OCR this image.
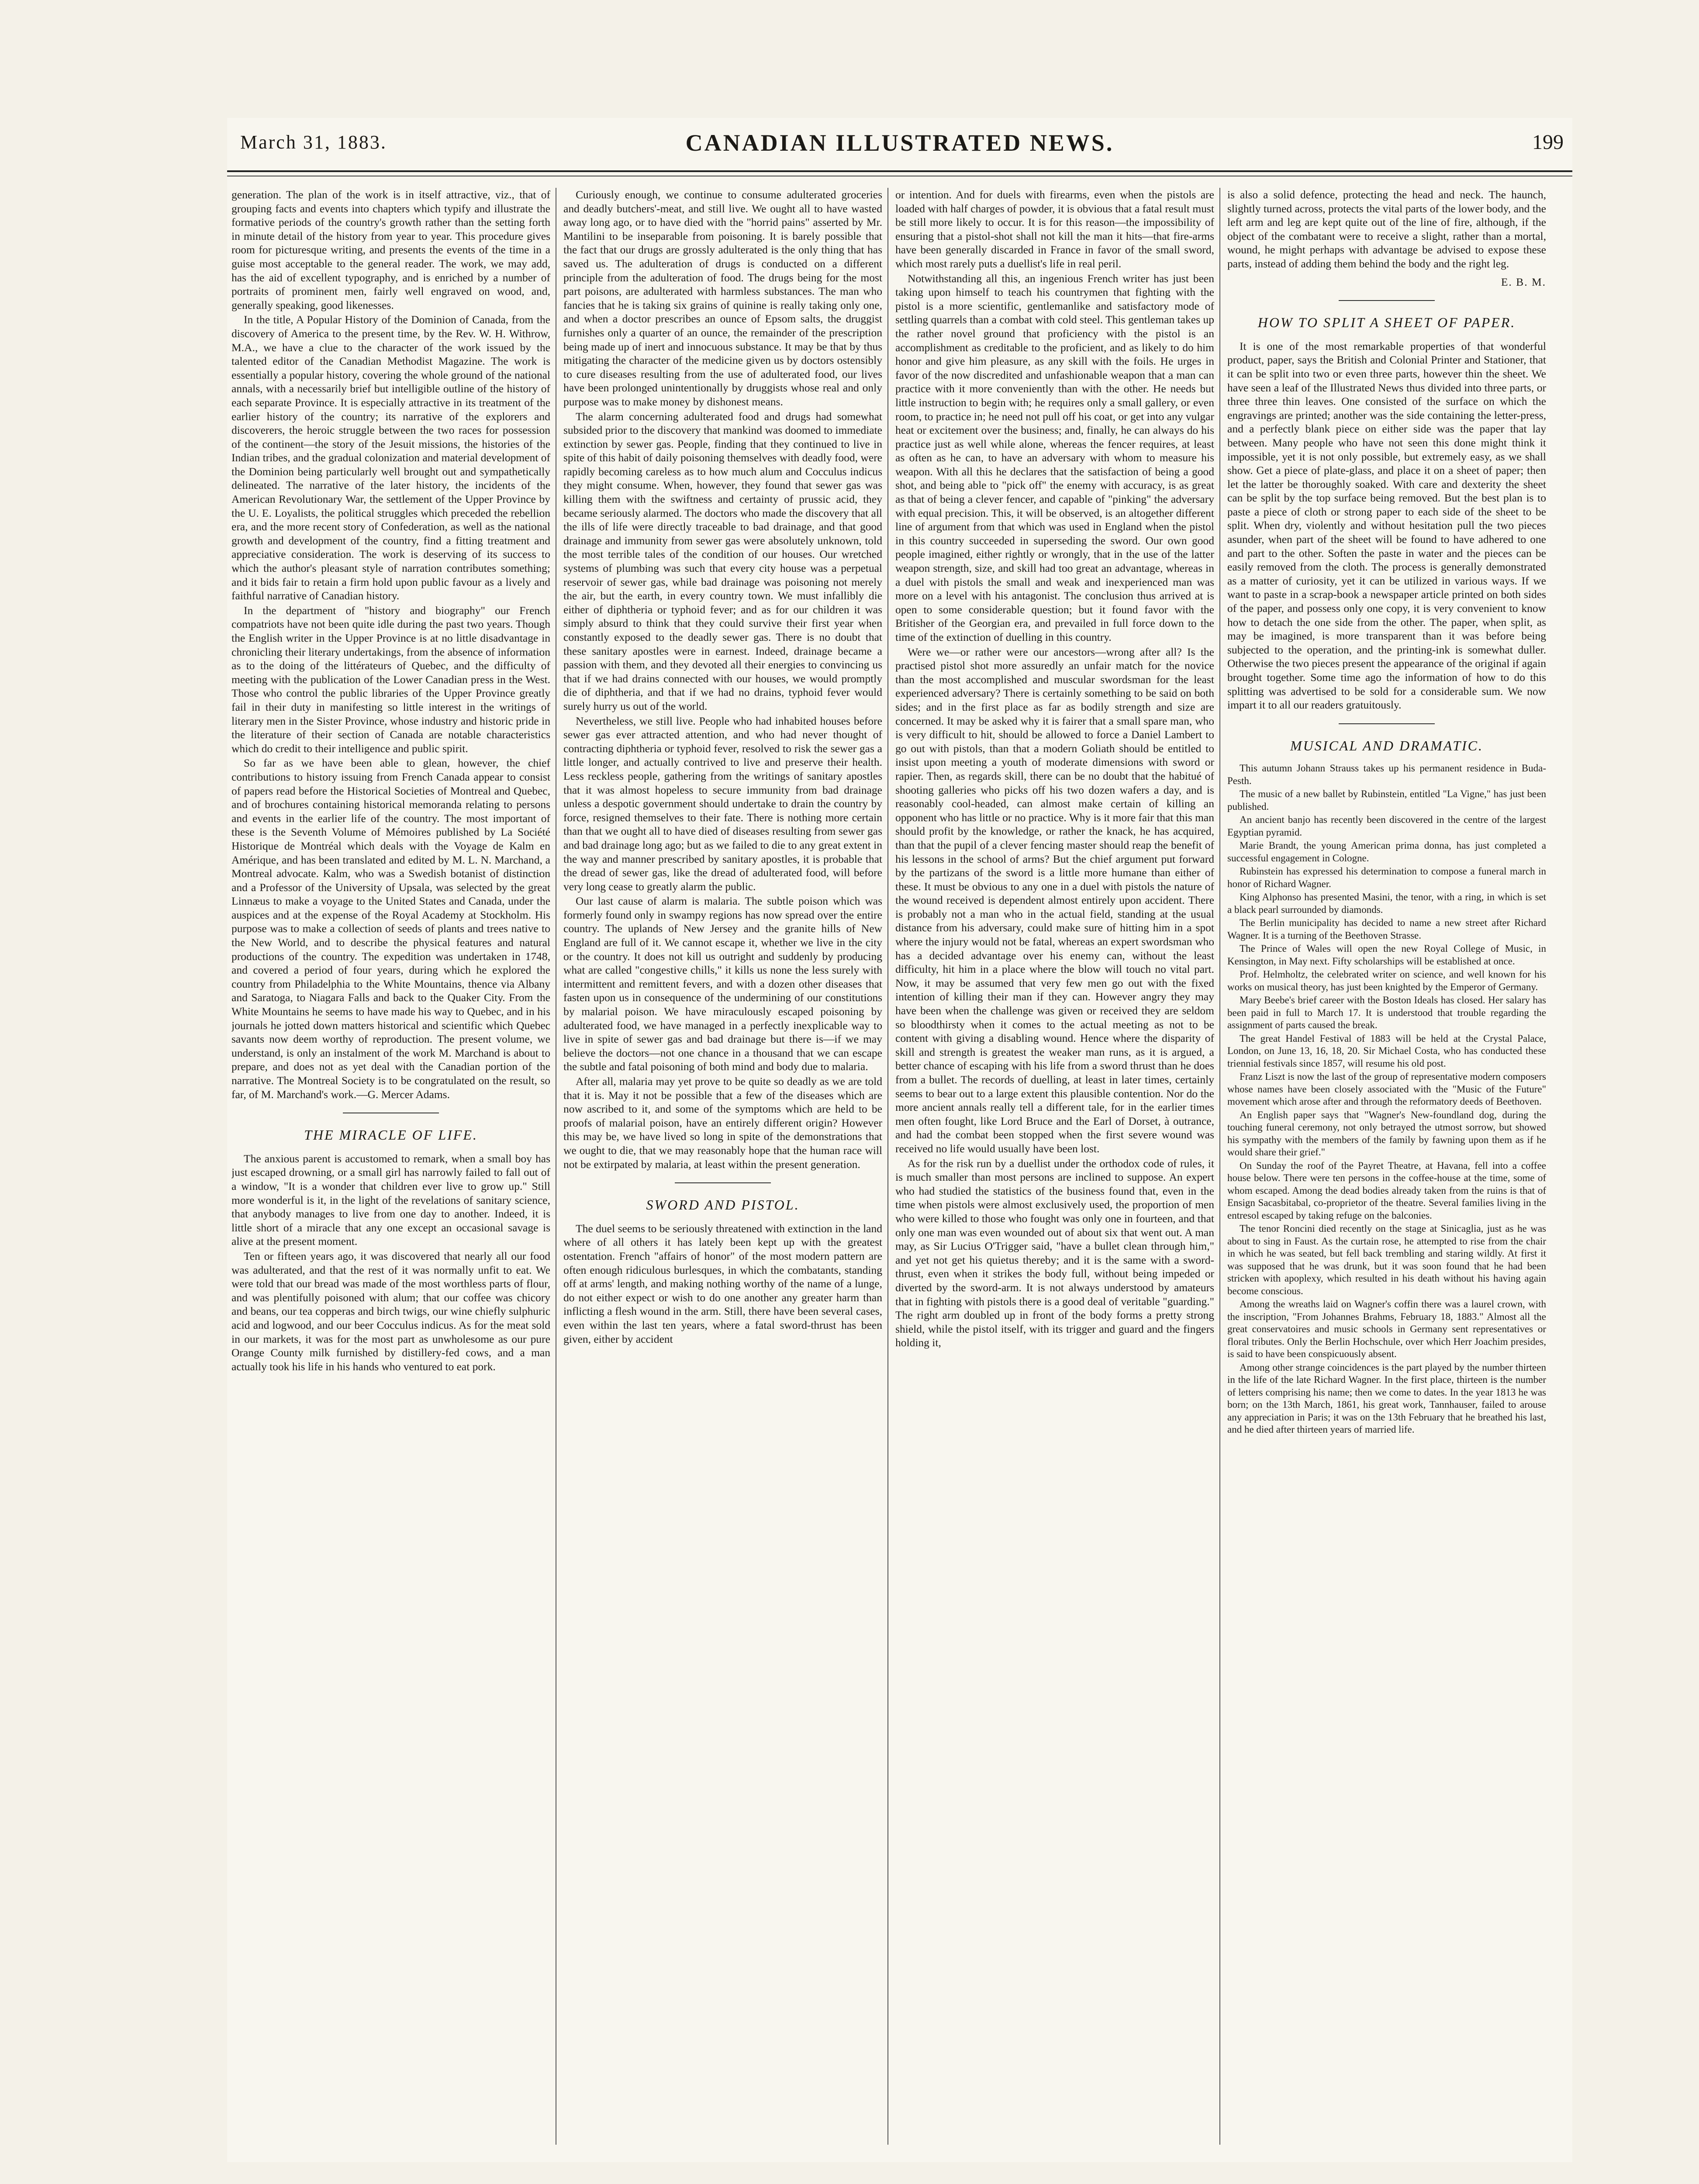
March 31, 1883.	CANADIAN ILLUSTRATED NEWS.	199

generation. The plan of the work is in itself attractive, viz., that of grouping facts and events into chapters which typify and illustrate the formative periods of the country's growth rather than the setting forth in minute detail of the history from year to year. This procedure gives room for picturesque writing, and presents the events of the time in a guise most acceptable to the general reader. The work, we may add, has the aid of excellent typography, and is enriched by a number of portraits of prominent men, fairly well engraved on wood, and, generally speaking, good likenesses.

In the title, A Popular History of the Dominion of Canada, from the discovery of America to the present time, by the Rev. W. H. Withrow, M.A., we have a clue to the character of the work issued by the talented editor of the Canadian Methodist Magazine. The work is essentially a popular history, covering the whole ground of the national annals, with a necessarily brief but intelligible outline of the history of each separate Province. It is especially attractive in its treatment of the earlier history of the country; its narrative of the explorers and discoverers, the heroic struggle between the two races for possession of the continent—the story of the Jesuit missions, the histories of the Indian tribes, and the gradual colonization and material development of the Dominion being particularly well brought out and sympathetically delineated. The narrative of the later history, the incidents of the American Revolutionary War, the settlement of the Upper Province by the U. E. Loyalists, the political struggles which preceded the rebellion era, and the more recent story of Confederation, as well as the national growth and development of the country, find a fitting treatment and appreciative consideration. The work is deserving of its success to which the author's pleasant style of narration contributes something; and it bids fair to retain a firm hold upon public favour as a lively and faithful narrative of Canadian history.

In the department of "history and biography" our French compatriots have not been quite idle during the past two years. Though the English writer in the Upper Province is at no little disadvantage in chronicling their literary undertakings, from the absence of information as to the doing of the littérateurs of Quebec, and the difficulty of meeting with the publication of the Lower Canadian press in the West. Those who control the public libraries of the Upper Province greatly fail in their duty in manifesting so little interest in the writings of literary men in the Sister Province, whose industry and historic pride in the literature of their section of Canada are notable characteristics which do credit to their intelligence and public spirit.

So far as we have been able to glean, however, the chief contributions to history issuing from French Canada appear to consist of papers read before the Historical Societies of Montreal and Quebec, and of brochures containing historical memoranda relating to persons and events in the earlier life of the country. The most important of these is the Seventh Volume of Mémoires published by La Société Historique de Montréal which deals with the Voyage de Kalm en Amérique, and has been translated and edited by M. L. N. Marchand, a Montreal advocate. Kalm, who was a Swedish botanist of distinction and a Professor of the University of Upsala, was selected by the great Linnæus to make a voyage to the United States and Canada, under the auspices and at the expense of the Royal Academy at Stockholm. His purpose was to make a collection of seeds of plants and trees native to the New World, and to describe the physical features and natural productions of the country. The expedition was undertaken in 1748, and covered a period of four years, during which he explored the country from Philadelphia to the White Mountains, thence via Albany and Saratoga, to Niagara Falls and back to the Quaker City. From the White Mountains he seems to have made his way to Quebec, and in his journals he jotted down matters historical and scientific which Quebec savants now deem worthy of reproduction. The present volume, we understand, is only an instalment of the work M. Marchand is about to prepare, and does not as yet deal with the Canadian portion of the narrative. The Montreal Society is to be congratulated on the result, so far, of M. Marchand's work.—G. Mercer Adams.

THE MIRACLE OF LIFE.

The anxious parent is accustomed to remark, when a small boy has just escaped drowning, or a small girl has narrowly failed to fall out of a window, "It is a wonder that children ever live to grow up." Still more wonderful is it, in the light of the revelations of sanitary science, that anybody manages to live from one day to another. Indeed, it is little short of a miracle that any one except an occasional savage is alive at the present moment.

Ten or fifteen years ago, it was discovered that nearly all our food was adulterated, and that the rest of it was normally unfit to eat. We were told that our bread was made of the most worthless parts of flour, and was plentifully poisoned with alum; that our coffee was chicory and beans, our tea copperas and birch twigs, our wine chiefly sulphuric acid and logwood, and our beer Cocculus indicus. As for the meat sold in our markets, it was for the most part as unwholesome as our pure Orange County milk furnished by distillery-fed cows, and a man actually took his life in his hands who ventured to eat pork.

Curiously enough, we continue to consume adulterated groceries and deadly butchers'-meat, and still live. We ought all to have wasted away long ago, or to have died with the "horrid pains" asserted by Mr. Mantilini to be inseparable from poisoning. It is barely possible that the fact that our drugs are grossly adulterated is the only thing that has saved us. The adulteration of drugs is conducted on a different principle from the adulteration of food. The drugs being for the most part poisons, are adulterated with harmless substances. The man who fancies that he is taking six grains of quinine is really taking only one, and when a doctor prescribes an ounce of Epsom salts, the druggist furnishes only a quarter of an ounce, the remainder of the prescription being made up of inert and innocuous substance. It may be that by thus mitigating the character of the medicine given us by doctors ostensibly to cure diseases resulting from the use of adulterated food, our lives have been prolonged unintentionally by druggists whose real and only purpose was to make money by dishonest means.

The alarm concerning adulterated food and drugs had somewhat subsided prior to the discovery that mankind was doomed to immediate extinction by sewer gas. People, finding that they continued to live in spite of this habit of daily poisoning themselves with deadly food, were rapidly becoming careless as to how much alum and Cocculus indicus they might consume. When, however, they found that sewer gas was killing them with the swiftness and certainty of prussic acid, they became seriously alarmed. The doctors who made the discovery that all the ills of life were directly traceable to bad drainage, and that good drainage and immunity from sewer gas were absolutely unknown, told the most terrible tales of the condition of our houses. Our wretched systems of plumbing was such that every city house was a perpetual reservoir of sewer gas, while bad drainage was poisoning not merely the air, but the earth, in every country town. We must infallibly die either of diphtheria or typhoid fever; and as for our children it was simply absurd to think that they could survive their first year when constantly exposed to the deadly sewer gas. There is no doubt that these sanitary apostles were in earnest. Indeed, drainage became a passion with them, and they devoted all their energies to convincing us that if we had drains connected with our houses, we would promptly die of diphtheria, and that if we had no drains, typhoid fever would surely hurry us out of the world.

Nevertheless, we still live. People who had inhabited houses before sewer gas ever attracted attention, and who had never thought of contracting diphtheria or typhoid fever, resolved to risk the sewer gas a little longer, and actually contrived to live and preserve their health. Less reckless people, gathering from the writings of sanitary apostles that it was almost hopeless to secure immunity from bad drainage unless a despotic government should undertake to drain the country by force, resigned themselves to their fate. There is nothing more certain than that we ought all to have died of diseases resulting from sewer gas and bad drainage long ago; but as we failed to die to any great extent in the way and manner prescribed by sanitary apostles, it is probable that the dread of sewer gas, like the dread of adulterated food, will before very long cease to greatly alarm the public.

Our last cause of alarm is malaria. The subtle poison which was formerly found only in swampy regions has now spread over the entire country. The uplands of New Jersey and the granite hills of New England are full of it. We cannot escape it, whether we live in the city or the country. It does not kill us outright and suddenly by producing what are called "congestive chills," it kills us none the less surely with intermittent and remittent fevers, and with a dozen other diseases that fasten upon us in consequence of the undermining of our constitutions by malarial poison. We have miraculously escaped poisoning by adulterated food, we have managed in a perfectly inexplicable way to live in spite of sewer gas and bad drainage but there is—if we may believe the doctors—not one chance in a thousand that we can escape the subtle and fatal poisoning of both mind and body due to malaria.

After all, malaria may yet prove to be quite so deadly as we are told that it is. May it not be possible that a few of the diseases which are now ascribed to it, and some of the symptoms which are held to be proofs of malarial poison, have an entirely different origin? However this may be, we have lived so long in spite of the demonstrations that we ought to die, that we may reasonably hope that the human race will not be extirpated by malaria, at least within the present generation.

SWORD AND PISTOL.

The duel seems to be seriously threatened with extinction in the land where of all others it has lately been kept up with the greatest ostentation. French "affairs of honor" of the most modern pattern are often enough ridiculous burlesques, in which the combatants, standing off at arms' length, and making nothing worthy of the name of a lunge, do not either expect or wish to do one another any greater harm than inflicting a flesh wound in the arm. Still, there have been several cases, even within the last ten years, where a fatal sword-thrust has been given, either by accident

or intention. And for duels with firearms, even when the pistols are loaded with half charges of powder, it is obvious that a fatal result must be still more likely to occur. It is for this reason—the impossibility of ensuring that a pistol-shot shall not kill the man it hits—that fire-arms have been generally discarded in France in favor of the small sword, which most rarely puts a duellist's life in real peril.

Notwithstanding all this, an ingenious French writer has just been taking upon himself to teach his countrymen that fighting with the pistol is a more scientific, gentlemanlike and satisfactory mode of settling quarrels than a combat with cold steel. This gentleman takes up the rather novel ground that proficiency with the pistol is an accomplishment as creditable to the proficient, and as likely to do him honor and give him pleasure, as any skill with the foils. He urges in favor of the now discredited and unfashionable weapon that a man can practice with it more conveniently than with the other. He needs but little instruction to begin with; he requires only a small gallery, or even room, to practice in; he need not pull off his coat, or get into any vulgar heat or excitement over the business; and, finally, he can always do his practice just as well while alone, whereas the fencer requires, at least as often as he can, to have an adversary with whom to measure his weapon. With all this he declares that the satisfaction of being a good shot, and being able to "pick off" the enemy with accuracy, is as great as that of being a clever fencer, and capable of "pinking" the adversary with equal precision. This, it will be observed, is an altogether different line of argument from that which was used in England when the pistol in this country succeeded in superseding the sword. Our own good people imagined, either rightly or wrongly, that in the use of the latter weapon strength, size, and skill had too great an advantage, whereas in a duel with pistols the small and weak and inexperienced man was more on a level with his antagonist. The conclusion thus arrived at is open to some considerable question; but it found favor with the Britisher of the Georgian era, and prevailed in full force down to the time of the extinction of duelling in this country.

Were we—or rather were our ancestors—wrong after all? Is the practised pistol shot more assuredly an unfair match for the novice than the most accomplished and muscular swordsman for the least experienced adversary? There is certainly something to be said on both sides; and in the first place as far as bodily strength and size are concerned. It may be asked why it is fairer that a small spare man, who is very difficult to hit, should be allowed to force a Daniel Lambert to go out with pistols, than that a modern Goliath should be entitled to insist upon meeting a youth of moderate dimensions with sword or rapier. Then, as regards skill, there can be no doubt that the habitué of shooting galleries who picks off his two dozen wafers a day, and is reasonably cool-headed, can almost make certain of killing an opponent who has little or no practice. Why is it more fair that this man should profit by the knowledge, or rather the knack, he has acquired, than that the pupil of a clever fencing master should reap the benefit of his lessons in the school of arms? But the chief argument put forward by the partizans of the sword is a little more humane than either of these. It must be obvious to any one in a duel with pistols the nature of the wound received is dependent almost entirely upon accident. There is probably not a man who in the actual field, standing at the usual distance from his adversary, could make sure of hitting him in a spot where the injury would not be fatal, whereas an expert swordsman who has a decided advantage over his enemy can, without the least difficulty, hit him in a place where the blow will touch no vital part. Now, it may be assumed that very few men go out with the fixed intention of killing their man if they can. However angry they may have been when the challenge was given or received they are seldom so bloodthirsty when it comes to the actual meeting as not to be content with giving a disabling wound. Hence where the disparity of skill and strength is greatest the weaker man runs, as it is argued, a better chance of escaping with his life from a sword thrust than he does from a bullet. The records of duelling, at least in later times, certainly seems to bear out to a large extent this plausible contention. Nor do the more ancient annals really tell a different tale, for in the earlier times men often fought, like Lord Bruce and the Earl of Dorset, à outrance, and had the combat been stopped when the first severe wound was received no life would usually have been lost.

As for the risk run by a duellist under the orthodox code of rules, it is much smaller than most persons are inclined to suppose. An expert who had studied the statistics of the business found that, even in the time when pistols were almost exclusively used, the proportion of men who were killed to those who fought was only one in fourteen, and that only one man was even wounded out of about six that went out. A man may, as Sir Lucius O'Trigger said, "have a bullet clean through him," and yet not get his quietus thereby; and it is the same with a sword-thrust, even when it strikes the body full, without being impeded or diverted by the sword-arm. It is not always understood by amateurs that in fighting with pistols there is a good deal of veritable "guarding." The right arm doubled up in front of the body forms a pretty strong shield, while the pistol itself, with its trigger and guard and the fingers holding it,

is also a solid defence, protecting the head and neck. The haunch, slightly turned across, protects the vital parts of the lower body, and the left arm and leg are kept quite out of the line of fire, although, if the object of the combatant were to receive a slight, rather than a mortal, wound, he might perhaps with advantage be advised to expose these parts, instead of adding them behind the body and the right leg.

E. B. M.
HOW TO SPLIT A SHEET OF PAPER.

It is one of the most remarkable properties of that wonderful product, paper, says the British and Colonial Printer and Stationer, that it can be split into two or even three parts, however thin the sheet. We have seen a leaf of the Illustrated News thus divided into three parts, or three three thin leaves. One consisted of the surface on which the engravings are printed; another was the side containing the letter-press, and a perfectly blank piece on either side was the paper that lay between. Many people who have not seen this done might think it impossible, yet it is not only possible, but extremely easy, as we shall show. Get a piece of plate-glass, and place it on a sheet of paper; then let the latter be thoroughly soaked. With care and dexterity the sheet can be split by the top surface being removed. But the best plan is to paste a piece of cloth or strong paper to each side of the sheet to be split. When dry, violently and without hesitation pull the two pieces asunder, when part of the sheet will be found to have adhered to one and part to the other. Soften the paste in water and the pieces can be easily removed from the cloth. The process is generally demonstrated as a matter of curiosity, yet it can be utilized in various ways. If we want to paste in a scrap-book a newspaper article printed on both sides of the paper, and possess only one copy, it is very convenient to know how to detach the one side from the other. The paper, when split, as may be imagined, is more transparent than it was before being subjected to the operation, and the printing-ink is somewhat duller. Otherwise the two pieces present the appearance of the original if again brought together. Some time ago the information of how to do this splitting was advertised to be sold for a considerable sum. We now impart it to all our readers gratuitously.

MUSICAL AND DRAMATIC.

This autumn Johann Strauss takes up his permanent residence in Buda-Pesth.

The music of a new ballet by Rubinstein, entitled "La Vigne," has just been published.

An ancient banjo has recently been discovered in the centre of the largest Egyptian pyramid.

Marie Brandt, the young American prima donna, has just completed a successful engagement in Cologne.

Rubinstein has expressed his determination to compose a funeral march in honor of Richard Wagner.

King Alphonso has presented Masini, the tenor, with a ring, in which is set a black pearl surrounded by diamonds.

The Berlin municipality has decided to name a new street after Richard Wagner. It is a turning of the Beethoven Strasse.

The Prince of Wales will open the new Royal College of Music, in Kensington, in May next. Fifty scholarships will be established at once.

Prof. Helmholtz, the celebrated writer on science, and well known for his works on musical theory, has just been knighted by the Emperor of Germany.

Mary Beebe's brief career with the Boston Ideals has closed. Her salary has been paid in full to March 17. It is understood that trouble regarding the assignment of parts caused the break.

The great Handel Festival of 1883 will be held at the Crystal Palace, London, on June 13, 16, 18, 20. Sir Michael Costa, who has conducted these triennial festivals since 1857, will resume his old post.

Franz Liszt is now the last of the group of representative modern composers whose names have been closely associated with the "Music of the Future" movement which arose after and through the reformatory deeds of Beethoven.

An English paper says that "Wagner's New-foundland dog, during the touching funeral ceremony, not only betrayed the utmost sorrow, but showed his sympathy with the members of the family by fawning upon them as if he would share their grief."

On Sunday the roof of the Payret Theatre, at Havana, fell into a coffee house below. There were ten persons in the coffee-house at the time, some of whom escaped. Among the dead bodies already taken from the ruins is that of Ensign Sacasbitabal, co-proprietor of the theatre. Several families living in the entresol escaped by taking refuge on the balconies.

The tenor Roncini died recently on the stage at Sinicaglia, just as he was about to sing in Faust. As the curtain rose, he attempted to rise from the chair in which he was seated, but fell back trembling and staring wildly. At first it was supposed that he was drunk, but it was soon found that he had been stricken with apoplexy, which resulted in his death without his having again become conscious.

Among the wreaths laid on Wagner's coffin there was a laurel crown, with the inscription, "From Johannes Brahms, February 18, 1883." Almost all the great conservatoires and music schools in Germany sent representatives or floral tributes. Only the Berlin Hochschule, over which Herr Joachim presides, is said to have been conspicuously absent.

Among other strange coincidences is the part played by the number thirteen in the life of the late Richard Wagner. In the first place, thirteen is the number of letters comprising his name; then we come to dates. In the year 1813 he was born; on the 13th March, 1861, his great work, Tannhauser, failed to arouse any appreciation in Paris; it was on the 13th February that he breathed his last, and he died after thirteen years of married life.
